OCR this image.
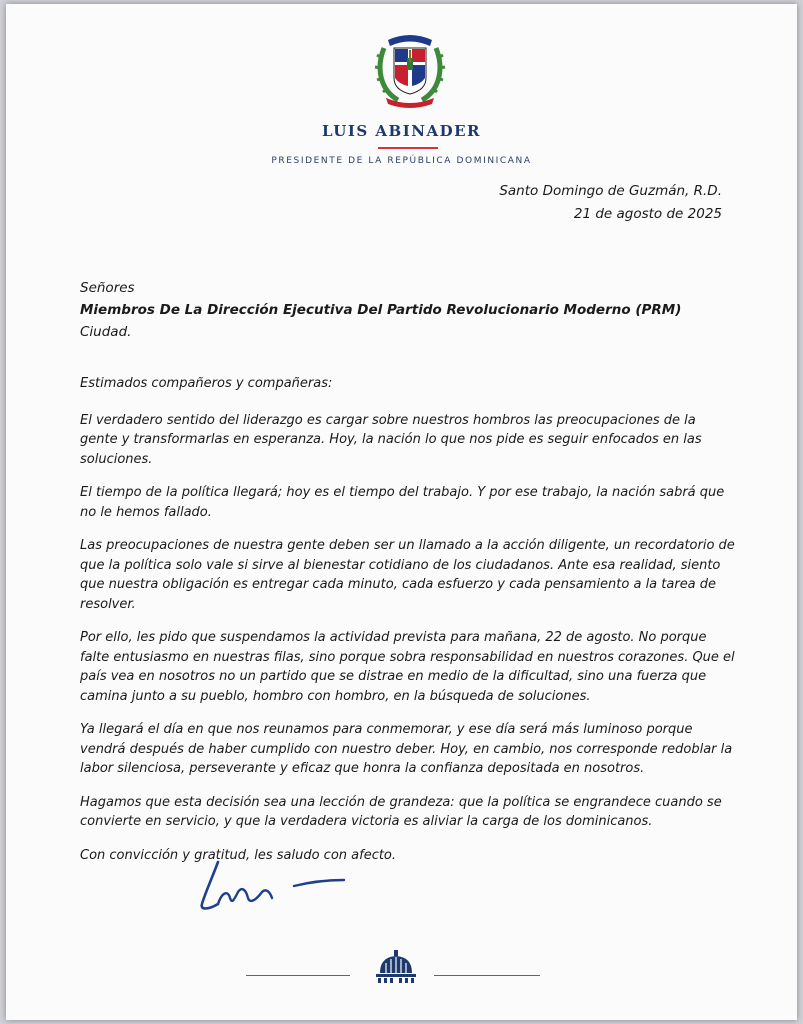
LUIS ABINADER
PRESIDENTE DE LA REPÚBLICA DOMINICANA
Santo Domingo de Guzmán, R.D.
21 de agosto de 2025
Señores
Miembros De La Dirección Ejecutiva Del Partido Revolucionario Moderno (PRM)
Ciudad.

Estimados compañeros y compañeras:

El verdadero sentido del liderazgo es cargar sobre nuestros hombros las preocupaciones de la gente y transformarlas en esperanza. Hoy, la nación lo que nos pide es seguir enfocados en las soluciones.

El tiempo de la política llegará; hoy es el tiempo del trabajo. Y por ese trabajo, la nación sabrá que no le hemos fallado.

Las preocupaciones de nuestra gente deben ser un llamado a la acción diligente, un recordatorio de que la política solo vale si sirve al bienestar cotidiano de los ciudadanos. Ante esa realidad, siento que nuestra obligación es entregar cada minuto, cada esfuerzo y cada pensamiento a la tarea de resolver.

Por ello, les pido que suspendamos la actividad prevista para mañana, 22 de agosto. No porque falte entusiasmo en nuestras filas, sino porque sobra responsabilidad en nuestros corazones. Que el país vea en nosotros no un partido que se distrae en medio de la dificultad, sino una fuerza que camina junto a su pueblo, hombro con hombro, en la búsqueda de soluciones.

Ya llegará el día en que nos reunamos para conmemorar, y ese día será más luminoso porque vendrá después de haber cumplido con nuestro deber. Hoy, en cambio, nos corresponde redoblar la labor silenciosa, perseverante y eficaz que honra la confianza depositada en nosotros.

Hagamos que esta decisión sea una lección de grandeza: que la política se engrandece cuando se convierte en servicio, y que la verdadera victoria es aliviar la carga de los dominicanos.

Con convicción y gratitud, les saludo con afecto.
